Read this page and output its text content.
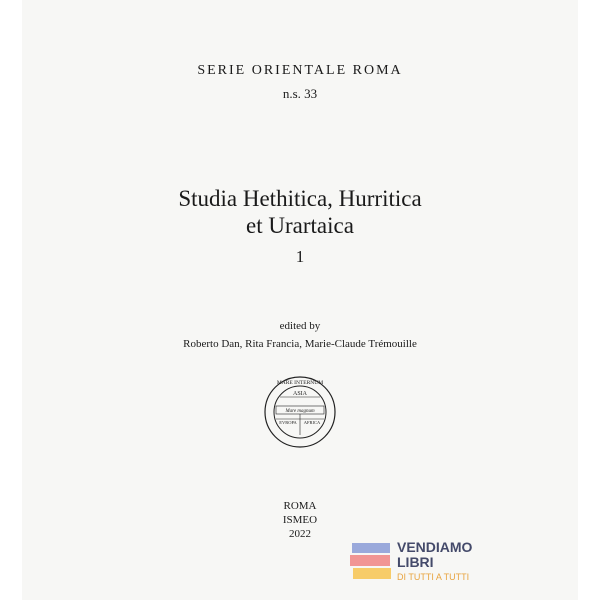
SERIE ORIENTALE ROMA
n.s. 33
Studia Hethitica, Hurritica
et Urartaica
1
edited by
Roberto Dan, Rita Francia, Marie-Claude Trémouille
MARE INTERNUM
ASIA
Mare magnum
EVROPA AFRICA
ROMA
ISMEO
2022
VENDIAMO
LIBRI
DI TUTTI A TUTTI
